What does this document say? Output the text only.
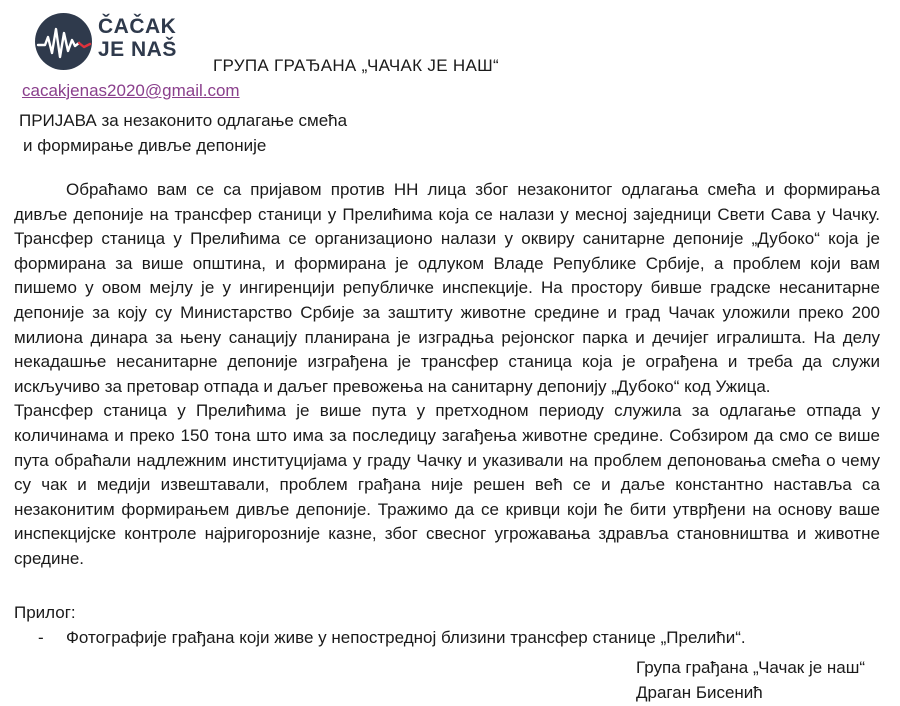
ČAČAK
JE NAŠ
ГРУПА ГРАЂАНА „ЧАЧАК ЈЕ НАШ“
cacakjenas2020@gmail.com
ПРИЈАВА за незаконито одлагање смећа
и формирање дивље депоније

Обраћамо вам се са пријавом против НН лица због незаконитог одлагања смећа и формирања дивље депоније на трансфер станици у Прелићима која се налази у месној заједници Свети Сава у Чачку. Трансфер станица у Прелићима се организационо налази у оквиру санитарне депоније „Дубоко“ која је формирана за више општина, и формирана је одлуком Владе Републике Србије, а проблем који вам пишемо у овом мејлу је у ингиренцији републичке инспекције. На простору бивше градске несанитарне депоније за коју су Министарство Србије за заштиту животне средине и град Чачак уложили преко 200 милиона динара за њену санацију планирана је изградња рејонског парка и дечијег игралишта. На делу некадашње несанитарне депоније изграђена је трансфер станица која је ограђена и треба да служи искључиво за претовар отпада и даљег превожења на санитарну депонију „Дубоко“ код Ужица.

Трансфер станица у Прелићима је више пута у претходном периоду служила за одлагање отпада у количинама и преко 150 тона што има за последицу загађења животне средине. Собзиром да смо се више пута обраћали надлежним институцијама у граду Чачку и указивали на проблем депоновања смећа о чему су чак и медији извештавали, проблем грађана није решен већ се и даље константно наставља са незаконитим формирањем дивље депоније. Тражимо да се кривци који ће бити утврђени на основу ваше инспекцијске контроле најригорозније казне, због свесног угрожавања здравља становништва и животне средине.

Прилог:
- Фотографије грађана који живе у непостредној близини трансфер станице „Прелићи“.
Група грађана „Чачак је наш“
Драган Бисенић
